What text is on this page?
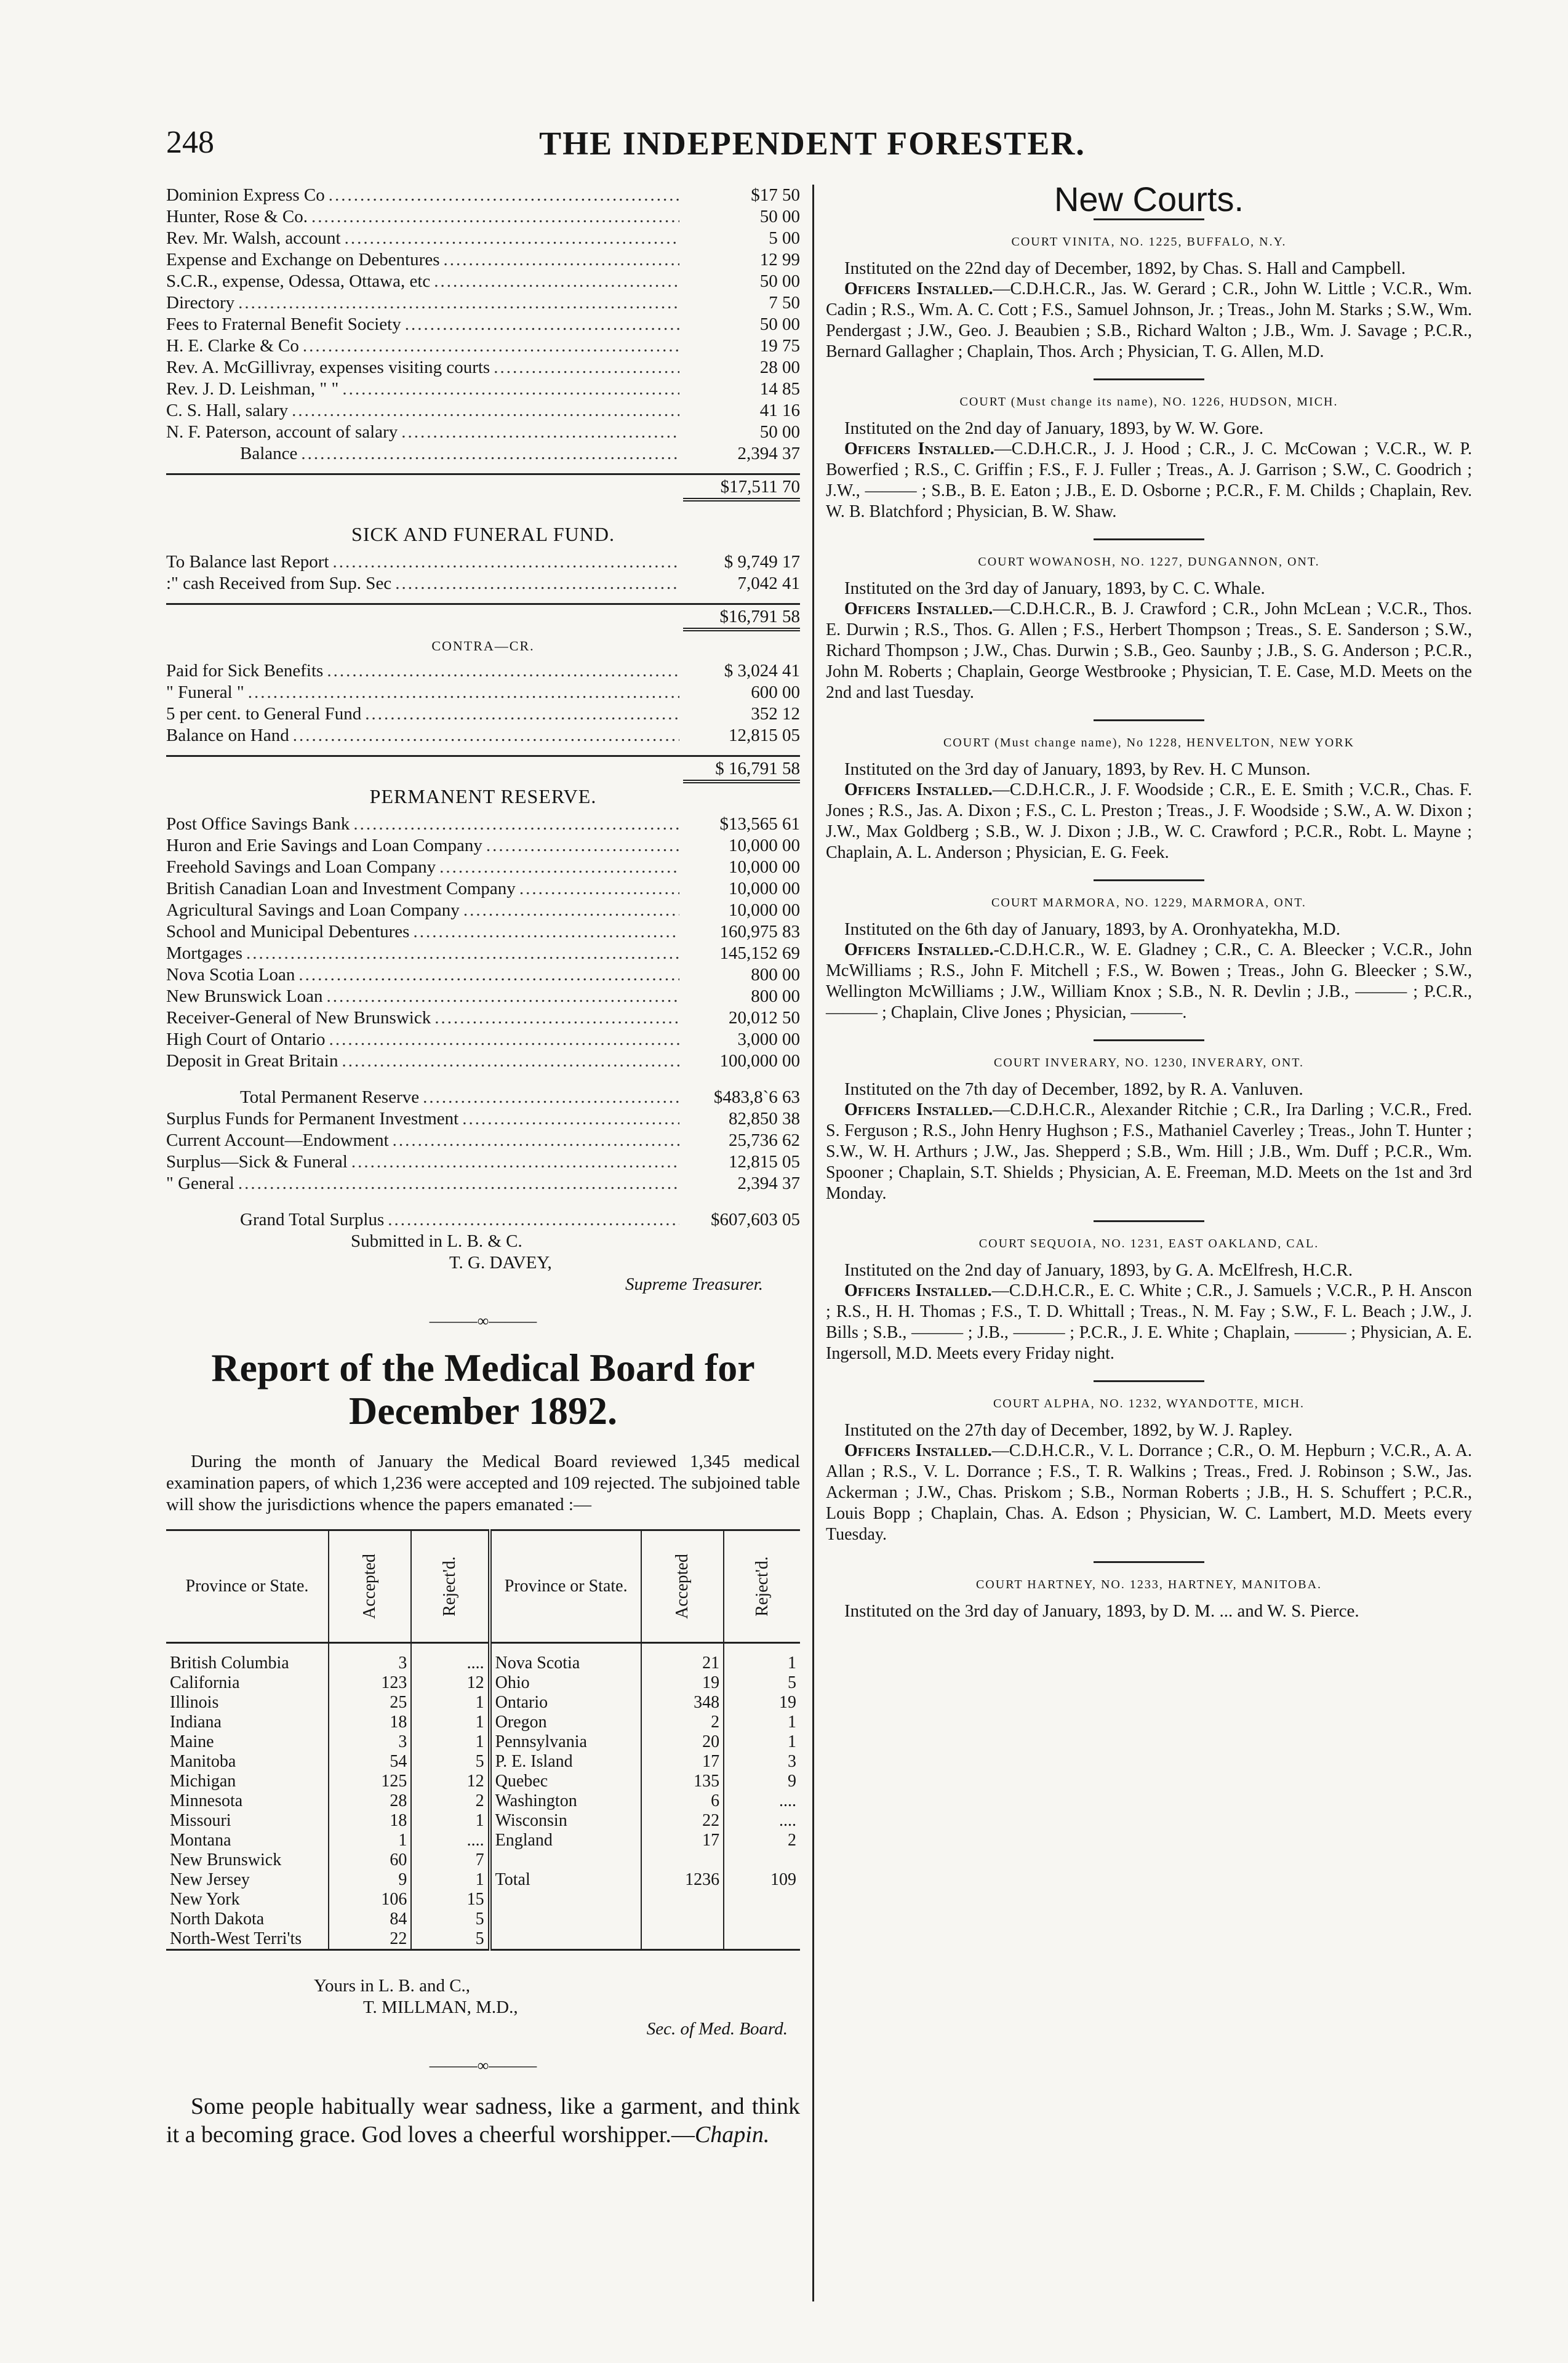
248	THE INDEPENDENT FORESTER.
Dominion Express Co .....	$17 50
Hunter, Rose & Co. .....	50 00
Rev. Mr. Walsh, account .....	5 00
Expense and Exchange on Debentures .....	12 99
S.C.R., expense, Odessa, Ottawa, etc .....	50 00
Directory .....	7 50
Fees to Fraternal Benefit Society .....	50 00
H. E. Clarke & Co .....	19 75
Rev. A. McGillivray, expenses visiting courts .....	28 00
Rev. J. D. Leishman, " " .....	14 85
C. S. Hall, salary .....	41 16
N. F. Paterson, account of salary .....	50 00
Balance .....	2,394 37
$17,511 70
SICK AND FUNERAL FUND.
To Balance last Report .....	$ 9,749 17
:" cash Received from Sup. Sec .....	7,042 41
$16,791 58
CONTRA—CR.
Paid for Sick Benefits .....	$ 3,024 41
" Funeral " .....	600 00
5 per cent. to General Fund .....	352 12
Balance on Hand .....	12,815 05
$ 16,791 58
PERMANENT RESERVE.
Post Office Savings Bank .....	$13,565 61
Huron and Erie Savings and Loan Company .....	10,000 00
Freehold Savings and Loan Company .....	10,000 00
British Canadian Loan and Investment Company .....	10,000 00
Agricultural Savings and Loan Company .....	10,000 00
School and Municipal Debentures .....	160,975 83
Mortgages .....	145,152 69
Nova Scotia Loan .....	800 00
New Brunswick Loan .....	800 00
Receiver-General of New Brunswick .....	20,012 50
High Court of Ontario .....	3,000 00
Deposit in Great Britain .....	100,000 00
Total Permanent Reserve .....	$483,8`6 63
Surplus Funds for Permanent Investment .....	82,850 38
Current Account—Endowment .....	25,736 62
Surplus—Sick & Funeral .....	12,815 05
" General .....	2,394 37
Grand Total Surplus .....	$607,603 05
Submitted in L. B. & C.
T. G. DAVEY,
Supreme Treasurer.
———∞———
Report of the Medical Board for
December 1892.

During the month of January the Medical Board reviewed 1,345 medical examination papers, of which 1,236 were accepted and 109 rejected. The subjoined table will show the jurisdictions whence the papers emanated :—

Province or State.	Accepted	Reject'd.	Province or State.	Accepted	Reject'd.
British Columbia	3	....	Nova Scotia	21	1
California	123	12	Ohio	19	5
Illinois	25	1	Ontario	348	19
Indiana	18	1	Oregon	2	1
Maine	3	1	Pennsylvania	20	1
Manitoba	54	5	P. E. Island	17	3
Michigan	125	12	Quebec	135	9
Minnesota	28	2	Washington	6	....
Missouri	18	1	Wisconsin	22	....
Montana	1	....	England	17	2
New Brunswick	60	7			
New Jersey	9	1	Total	1236	109
New York	106	15			
North Dakota	84	5			
North-West Terri'ts	22	5			
Yours in L. B. and C.,
T. MILLMAN, M.D.,
Sec. of Med. Board.
———∞———
Some people habitually wear sadness, like a garment, and think it a becoming grace. God loves a cheerful worshipper.—Chapin.
New Courts.
COURT VINITA, NO. 1225, BUFFALO, N.Y.

Instituted on the 22nd day of December, 1892, by Chas. S. Hall and Campbell.

Officers Installed.—C.D.H.C.R., Jas. W. Gerard ; C.R., John W. Little ; V.C.R., Wm. Cadin ; R.S., Wm. A. C. Cott ; F.S., Samuel Johnson, Jr. ; Treas., John M. Starks ; S.W., Wm. Pendergast ; J.W., Geo. J. Beaubien ; S.B., Richard Walton ; J.B., Wm. J. Savage ; P.C.R., Bernard Gallagher ; Chaplain, Thos. Arch ; Physician, T. G. Allen, M.D.

COURT (Must change its name), NO. 1226, HUDSON, MICH.

Instituted on the 2nd day of January, 1893, by W. W. Gore.

Officers Installed.—C.D.H.C.R., J. J. Hood ; C.R., J. C. McCowan ; V.C.R., W. P. Bowerfied ; R.S., C. Griffin ; F.S., F. J. Fuller ; Treas., A. J. Garrison ; S.W., C. Goodrich ; J.W., ——— ; S.B., B. E. Eaton ; J.B., E. D. Osborne ; P.C.R., F. M. Childs ; Chaplain, Rev. W. B. Blatchford ; Physician, B. W. Shaw.

COURT WOWANOSH, NO. 1227, DUNGANNON, ONT.

Instituted on the 3rd day of January, 1893, by C. C. Whale.

Officers Installed.—C.D.H.C.R., B. J. Crawford ; C.R., John McLean ; V.C.R., Thos. E. Durwin ; R.S., Thos. G. Allen ; F.S., Herbert Thompson ; Treas., S. E. Sanderson ; S.W., Richard Thompson ; J.W., Chas. Durwin ; S.B., Geo. Saunby ; J.B., S. G. Anderson ; P.C.R., John M. Roberts ; Chaplain, George Westbrooke ; Physician, T. E. Case, M.D. Meets on the 2nd and last Tuesday.

COURT (Must change name), No 1228, HENVELTON, NEW YORK

Instituted on the 3rd day of January, 1893, by Rev. H. C Munson.

Officers Installed.—C.D.H.C.R., J. F. Woodside ; C.R., E. E. Smith ; V.C.R., Chas. F. Jones ; R.S., Jas. A. Dixon ; F.S., C. L. Preston ; Treas., J. F. Woodside ; S.W., A. W. Dixon ; J.W., Max Goldberg ; S.B., W. J. Dixon ; J.B., W. C. Crawford ; P.C.R., Robt. L. Mayne ; Chaplain, A. L. Anderson ; Physician, E. G. Feek.

COURT MARMORA, NO. 1229, MARMORA, ONT.

Instituted on the 6th day of January, 1893, by A. Oronhyatekha, M.D.

Officers Installed.-C.D.H.C.R., W. E. Gladney ; C.R., C. A. Bleecker ; V.C.R., John McWilliams ; R.S., John F. Mitchell ; F.S., W. Bowen ; Treas., John G. Bleecker ; S.W., Wellington McWilliams ; J.W., William Knox ; S.B., N. R. Devlin ; J.B., ——— ; P.C.R., ——— ; Chaplain, Clive Jones ; Physician, ———.

COURT INVERARY, NO. 1230, INVERARY, ONT.

Instituted on the 7th day of December, 1892, by R. A. Vanluven.

Officers Installed.—C.D.H.C.R., Alexander Ritchie ; C.R., Ira Darling ; V.C.R., Fred. S. Ferguson ; R.S., John Henry Hughson ; F.S., Mathaniel Caverley ; Treas., John T. Hunter ; S.W., W. H. Arthurs ; J.W., Jas. Shepperd ; S.B., Wm. Hill ; J.B., Wm. Duff ; P.C.R., Wm. Spooner ; Chaplain, S.T. Shields ; Physician, A. E. Freeman, M.D. Meets on the 1st and 3rd Monday.

COURT SEQUOIA, NO. 1231, EAST OAKLAND, CAL.

Instituted on the 2nd day of January, 1893, by G. A. McElfresh, H.C.R.

Officers Installed.—C.D.H.C.R., E. C. White ; C.R., J. Samuels ; V.C.R., P. H. Anscon ; R.S., H. H. Thomas ; F.S., T. D. Whittall ; Treas., N. M. Fay ; S.W., F. L. Beach ; J.W., J. Bills ; S.B., ——— ; J.B., ——— ; P.C.R., J. E. White ; Chaplain, ——— ; Physician, A. E. Ingersoll, M.D. Meets every Friday night.

COURT ALPHA, NO. 1232, WYANDOTTE, MICH.

Instituted on the 27th day of December, 1892, by W. J. Rapley.

Officers Installed.—C.D.H.C.R., V. L. Dorrance ; C.R., O. M. Hepburn ; V.C.R., A. A. Allan ; R.S., V. L. Dorrance ; F.S., T. R. Walkins ; Treas., Fred. J. Robinson ; S.W., Jas. Ackerman ; J.W., Chas. Priskom ; S.B., Norman Roberts ; J.B., H. S. Schuffert ; P.C.R., Louis Bopp ; Chaplain, Chas. A. Edson ; Physician, W. C. Lambert, M.D. Meets every Tuesday.

COURT HARTNEY, NO. 1233, HARTNEY, MANITOBA.

Instituted on the 3rd day of January, 1893, by D. M. ... and W. S. Pierce.
